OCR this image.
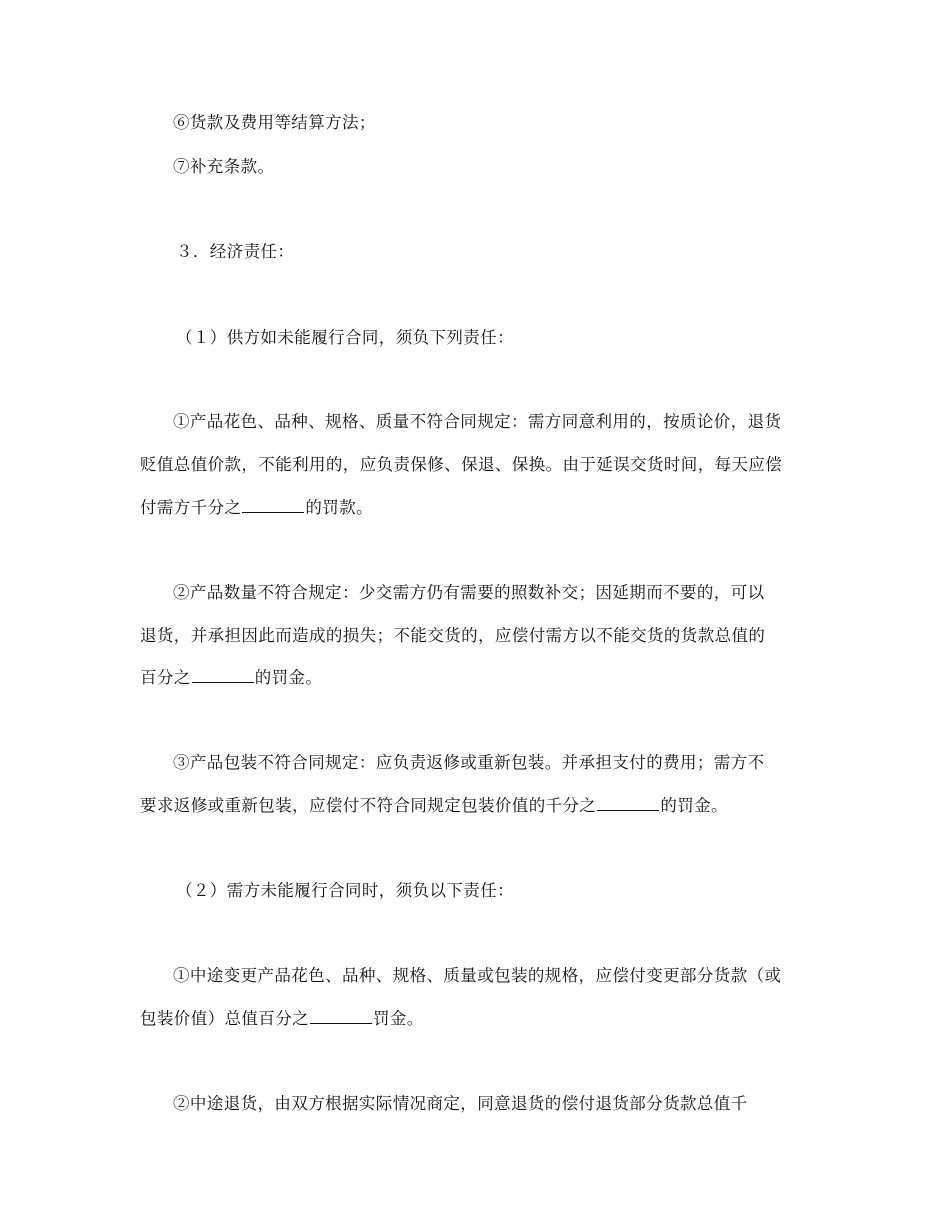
⑥货款及费用等结算方法；
⑦补充条款。
３．经济责任：
（１）供方如未能履行合同，须负下列责任：
①产品花色、品种、规格、质量不符合同规定：需方同意利用的，按质论价，退货
贬值总值价款，不能利用的，应负责保修、保退、保换。由于延误交货时间，每天应偿
付需方千分之	的罚款。
②产品数量不符合规定：少交需方仍有需要的照数补交；因延期而不要的，可以
退货，并承担因此而造成的损失；不能交货的，应偿付需方以不能交货的货款总值的
百分之	的罚金。
③产品包装不符合同规定：应负责返修或重新包装。并承担支付的费用；需方不
要求返修或重新包装，应偿付不符合同规定包装价值的千分之	的罚金。
（２）需方未能履行合同时，须负以下责任：
①中途变更产品花色、品种、规格、质量或包装的规格，应偿付变更部分货款（或
包装价值）总值百分之	罚金。
②中途退货，由双方根据实际情况商定，同意退货的偿付退货部分货款总值千
